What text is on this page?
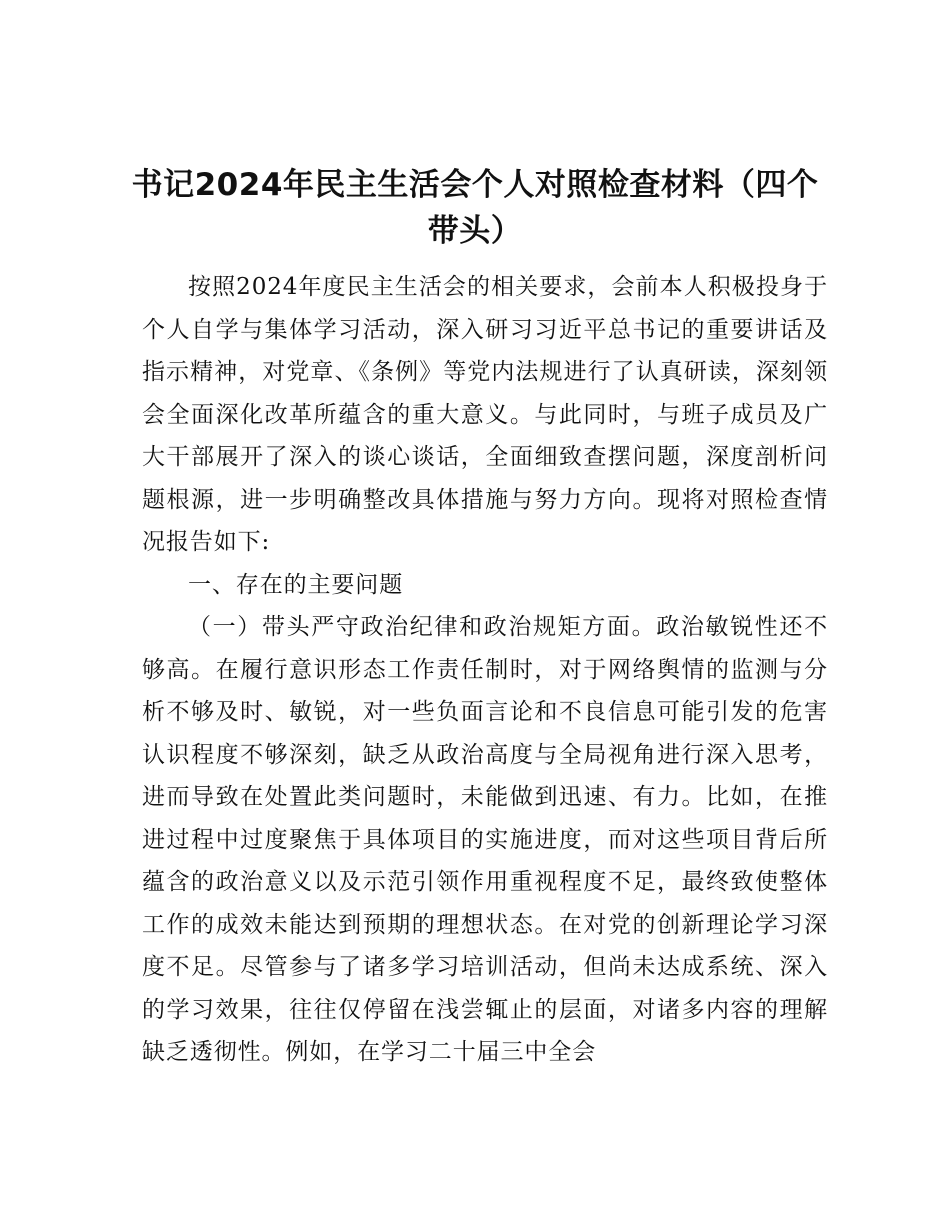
书记2024年民主生活会个人对照检查材料（四个带头）

按照2024年度民主生活会的相关要求，会前本人积极投身于个人自学与集体学习活动，深入研习习近平总书记的重要讲话及指示精神，对党章、《条例》等党内法规进行了认真研读，深刻领会全面深化改革所蕴含的重大意义。与此同时，与班子成员及广大干部展开了深入的谈心谈话，全面细致查摆问题，深度剖析问题根源，进一步明确整改具体措施与努力方向。现将对照检查情况报告如下:

一、存在的主要问题

（一）带头严守政治纪律和政治规矩方面。政治敏锐性还不够高。在履行意识形态工作责任制时，对于网络舆情的监测与分析不够及时、敏锐，对一些负面言论和不良信息可能引发的危害认识程度不够深刻，缺乏从政治高度与全局视角进行深入思考，进而导致在处置此类问题时，未能做到迅速、有力。比如，在推进过程中过度聚焦于具体项目的实施进度，而对这些项目背后所蕴含的政治意义以及示范引领作用重视程度不足，最终致使整体工作的成效未能达到预期的理想状态。在对党的创新理论学习深度不足。尽管参与了诸多学习培训活动，但尚未达成系统、深入的学习效果，往往仅停留在浅尝辄止的层面，对诸多内容的理解缺乏透彻性。例如，在学习二十届三中全会
